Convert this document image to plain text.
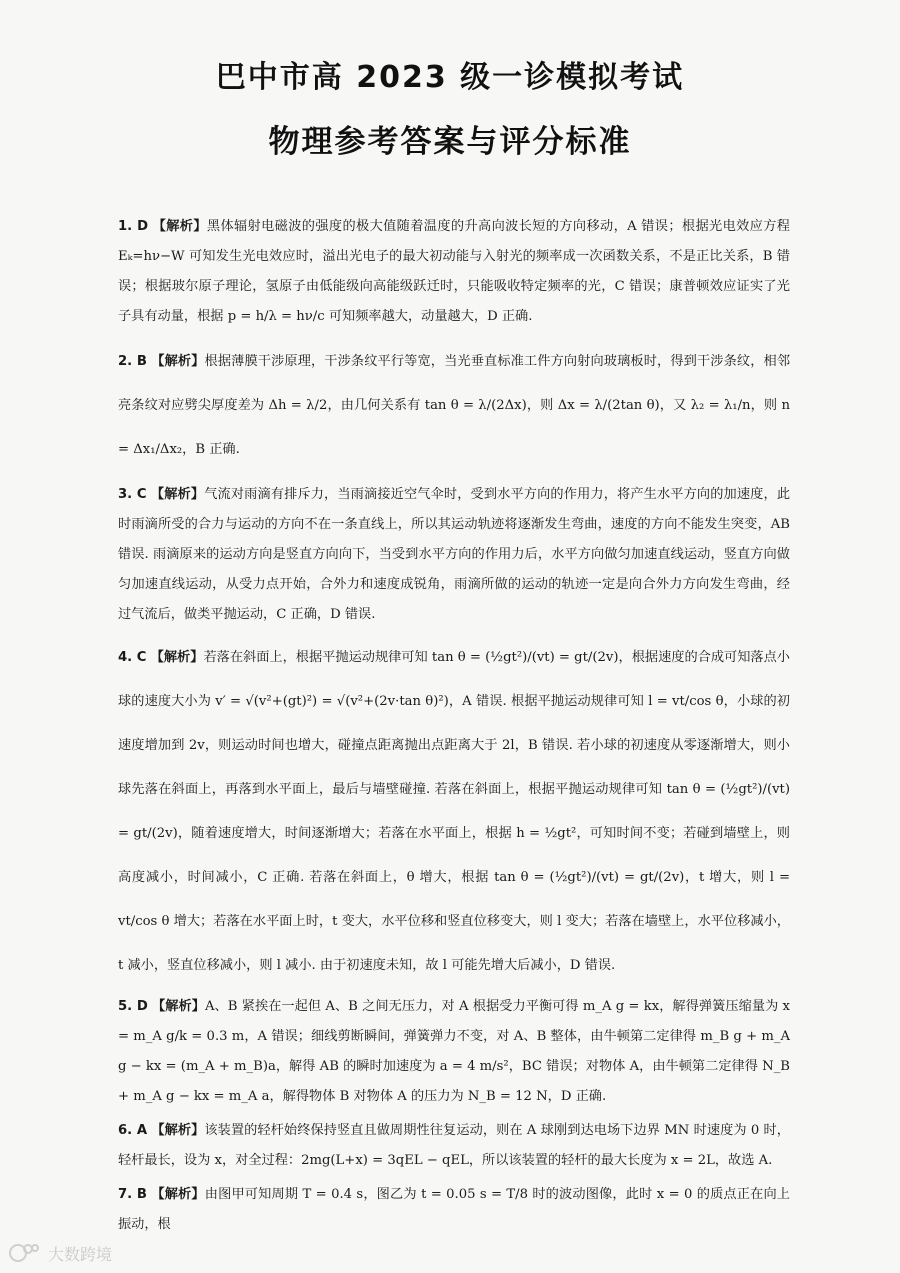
巴中市高 2023 级一诊模拟考试
物理参考答案与评分标准

1. D 【解析】黑体辐射电磁波的强度的极大值随着温度的升高向波长短的方向移动，A 错误；根据光电效应方程 Eₖ=hν−W 可知发生光电效应时，溢出光电子的最大初动能与入射光的频率成一次函数关系，不是正比关系，B 错误；根据玻尔原子理论，氢原子由低能级向高能级跃迁时，只能吸收特定频率的光，C 错误；康普顿效应证实了光子具有动量，根据 p = h/λ = hν/c 可知频率越大，动量越大，D 正确.

2. B 【解析】根据薄膜干涉原理，干涉条纹平行等宽，当光垂直标准工件方向射向玻璃板时，得到干涉条纹，相邻亮条纹对应劈尖厚度差为 Δh = λ/2，由几何关系有 tan θ = λ/(2Δx)，则 Δx = λ/(2tan θ)，又 λ₂ = λ₁/n，则 n = Δx₁/Δx₂，B 正确.

3. C 【解析】气流对雨滴有排斥力，当雨滴接近空气伞时，受到水平方向的作用力，将产生水平方向的加速度，此时雨滴所受的合力与运动的方向不在一条直线上，所以其运动轨迹将逐渐发生弯曲，速度的方向不能发生突变，AB 错误. 雨滴原来的运动方向是竖直方向向下，当受到水平方向的作用力后，水平方向做匀加速直线运动，竖直方向做匀加速直线运动，从受力点开始，合外力和速度成锐角，雨滴所做的运动的轨迹一定是向合外力方向发生弯曲，经过气流后，做类平抛运动，C 正确，D 错误.

4. C 【解析】若落在斜面上，根据平抛运动规律可知 tan θ = (½gt²)/(vt) = gt/(2v)，根据速度的合成可知落点小球的速度大小为 v′ = √(v²+(gt)²) = √(v²+(2v·tan θ)²)，A 错误. 根据平抛运动规律可知 l = vt/cos θ，小球的初速度增加到 2v，则运动时间也增大，碰撞点距离抛出点距离大于 2l，B 错误. 若小球的初速度从零逐渐增大，则小球先落在斜面上，再落到水平面上，最后与墙壁碰撞. 若落在斜面上，根据平抛运动规律可知 tan θ = (½gt²)/(vt) = gt/(2v)，随着速度增大，时间逐渐增大；若落在水平面上，根据 h = ½gt²，可知时间不变；若碰到墙壁上，则高度减小，时间减小，C 正确. 若落在斜面上，θ 增大，根据 tan θ = (½gt²)/(vt) = gt/(2v)，t 增大，则 l = vt/cos θ 增大；若落在水平面上时，t 变大，水平位移和竖直位移变大，则 l 变大；若落在墙壁上，水平位移减小，t 减小，竖直位移减小，则 l 减小. 由于初速度未知，故 l 可能先增大后减小，D 错误.

5. D 【解析】A、B 紧挨在一起但 A、B 之间无压力，对 A 根据受力平衡可得 m_A g = kx，解得弹簧压缩量为 x = m_A g/k = 0.3 m，A 错误；细线剪断瞬间，弹簧弹力不变，对 A、B 整体，由牛顿第二定律得 m_B g + m_A g − kx = (m_A + m_B)a，解得 AB 的瞬时加速度为 a = 4 m/s²，BC 错误；对物体 A，由牛顿第二定律得 N_B + m_A g − kx = m_A a，解得物体 B 对物体 A 的压力为 N_B = 12 N，D 正确.

6. A 【解析】该装置的轻杆始终保持竖直且做周期性往复运动，则在 A 球刚到达电场下边界 MN 时速度为 0 时，轻杆最长，设为 x，对全过程：2mg(L+x) = 3qEL − qEL，所以该装置的轻杆的最大长度为 x = 2L，故选 A.

7. B 【解析】由图甲可知周期 T = 0.4 s，图乙为 t = 0.05 s = T/8 时的波动图像，此时 x = 0 的质点正在向上振动，根

大数跨境
